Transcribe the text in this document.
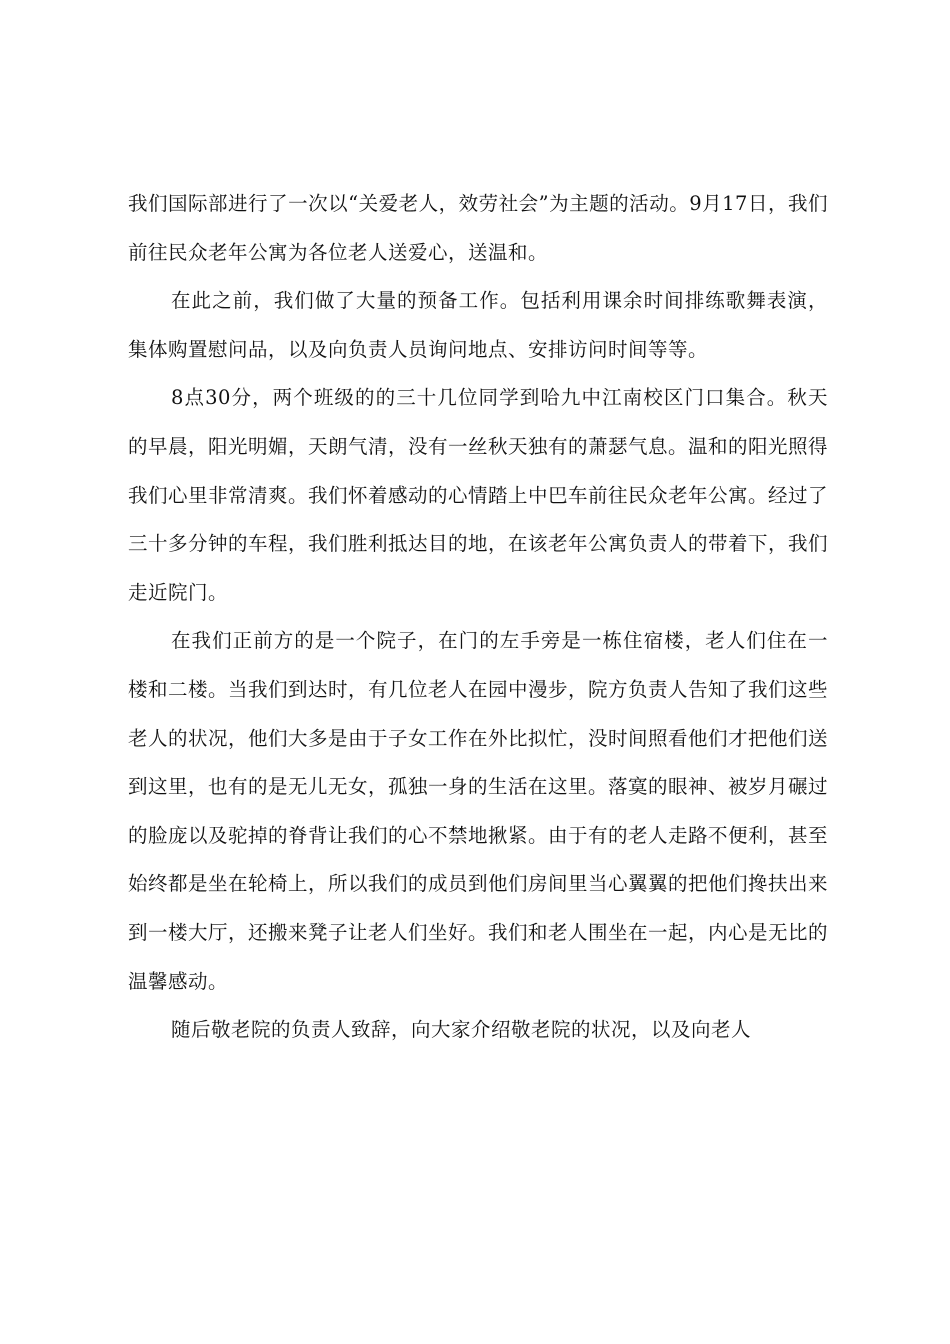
我们国际部进行了一次以“关爱老人，效劳社会”为主题的活动。9月17日，我们前往民众老年公寓为各位老人送爱心，送温和。

在此之前，我们做了大量的预备工作。包括利用课余时间排练歌舞表演，集体购置慰问品，以及向负责人员询问地点、安排访问时间等等。

8点30分，两个班级的的三十几位同学到哈九中江南校区门口集合。秋天的早晨，阳光明媚，天朗气清，没有一丝秋天独有的萧瑟气息。温和的阳光照得我们心里非常清爽。我们怀着感动的心情踏上中巴车前往民众老年公寓。经过了三十多分钟的车程，我们胜利抵达目的地，在该老年公寓负责人的带着下，我们走近院门。

在我们正前方的是一个院子，在门的左手旁是一栋住宿楼，老人们住在一楼和二楼。当我们到达时，有几位老人在园中漫步，院方负责人告知了我们这些老人的状况，他们大多是由于子女工作在外比拟忙，没时间照看他们才把他们送到这里，也有的是无儿无女，孤独一身的生活在这里。落寞的眼神、被岁月碾过的脸庞以及驼掉的脊背让我们的心不禁地揪紧。由于有的老人走路不便利，甚至始终都是坐在轮椅上，所以我们的成员到他们房间里当心翼翼的把他们搀扶出来到一楼大厅，还搬来凳子让老人们坐好。我们和老人围坐在一起，内心是无比的温馨感动。

随后敬老院的负责人致辞，向大家介绍敬老院的状况，以及向老人
